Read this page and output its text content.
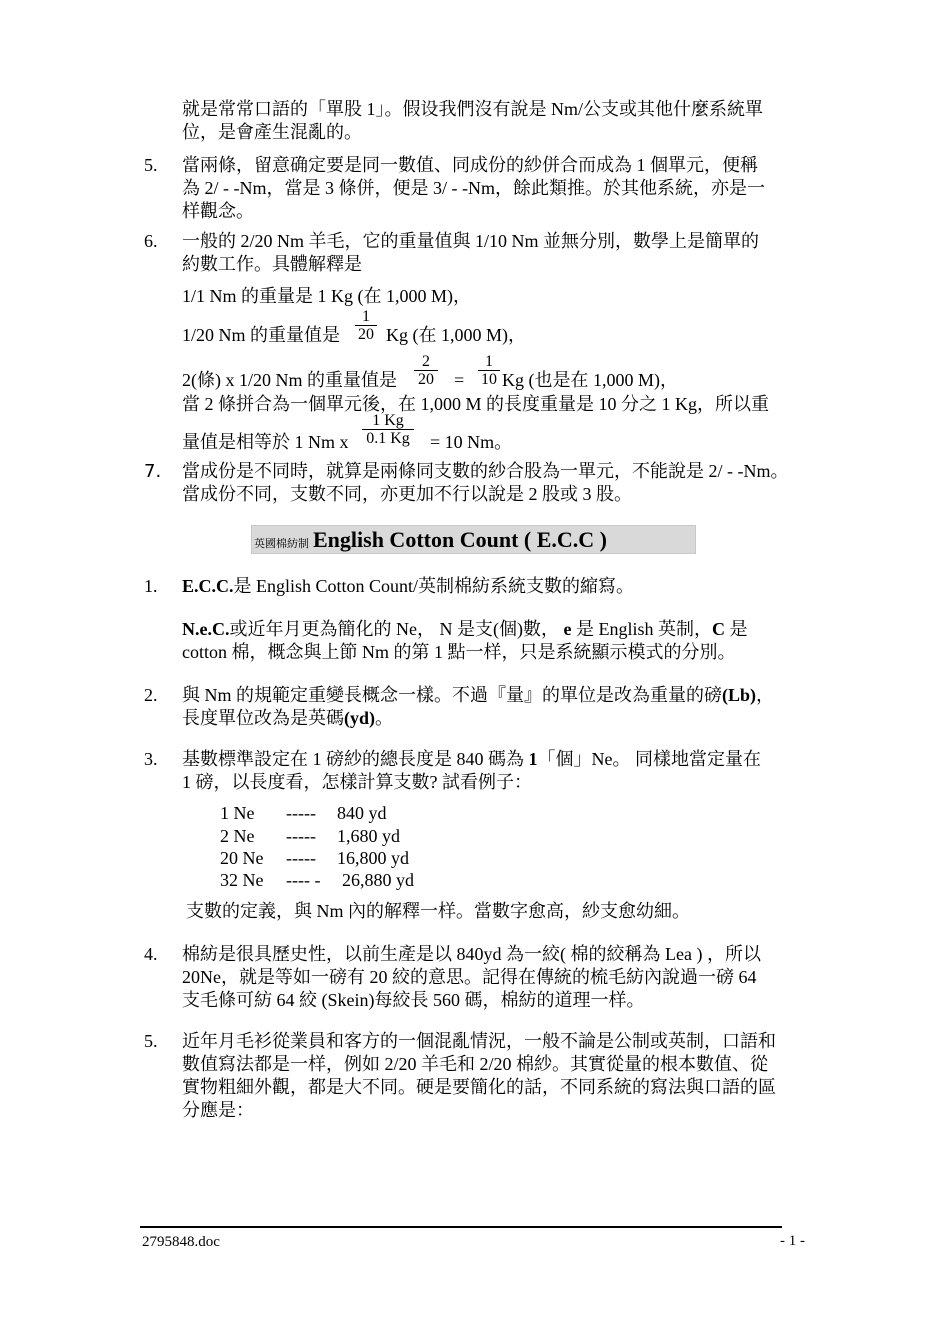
就是常常口語的「單股 1」。假设我們沒有說是 Nm/公支或其他什麼系統單
位，是會產生混亂的。
5. 當兩條，留意确定要是同一數值、同成份的紗併合而成為 1 個單元，便稱
為 2/ - -Nm，當是 3 條併，便是 3/ - -Nm，餘此類推。於其他系統，亦是一
样觀念。
6. 一般的 2/20 Nm 羊毛，它的重量值與 1/10 Nm 並無分別，數學上是簡單的
約數工作。具體解釋是
1/1 Nm 的重量是 1 Kg (在 1,000 M)，
1/20 Nm 的重量值是 $\frac{1}{20}$ Kg (在 1,000 M)，
2(條) x 1/20 Nm 的重量值是 $\frac{2}{20} = \frac{1}{10}$ Kg (也是在 1,000 M)，
當 2 條拼合為一個單元後，在 1,000 M 的長度重量是 10 分之 1 Kg，所以重
量值是相等於 1 Nm x $\frac{1 Kg}{0.1 Kg} = 10$ Nm。
7. 當成份是不同時，就算是兩條同支數的紗合股為一單元，不能說是 2/ - -Nm。
當成份不同，支數不同，亦更加不行以說是 2 股或 3 股。
英國棉紡制 English Cotton Count ( E.C.C )
1. E.C.C.是 English Cotton Count/英制棉紡系統支數的縮寫。
N.e.C.或近年月更為簡化的 Ne， N 是支(個)數， e 是 English 英制，C 是
cotton 棉，概念與上節 Nm 的第 1 點一样，只是系統顯示模式的分別。
2. 與 Nm 的規範定重變長概念一樣。不過『量』的單位是改為重量的磅(Lb)，
長度單位改為是英碼(yd)。
3. 基數標準設定在 1 磅紗的總長度是 840 碼為 1「個」Ne。 同樣地當定量在
1 磅，以長度看，怎樣計算支數? 試看例子：
1 Ne ----- 840 yd
2 Ne ----- 1,680 yd
20 Ne ----- 16,800 yd
32 Ne ---- - 26,880 yd
支數的定義，與 Nm 內的解釋一样。當數字愈高，紗支愈幼細。
4. 棉紡是很具歷史性，以前生產是以 840yd 為一絞( 棉的絞稱為 Lea ) ，所以
20Ne，就是等如一磅有 20 絞的意思。記得在傳統的梳毛紡內說過一磅 64
支毛條可紡 64 絞 (Skein)每絞長 560 碼，棉紡的道理一样。
5. 近年月毛衫從業員和客方的一個混亂情況，一般不論是公制或英制，口語和
數值寫法都是一样，例如 2/20 羊毛和 2/20 棉紗。其實從量的根本數值、從
實物粗細外觀，都是大不同。硬是要簡化的話，不同系統的寫法與口語的區
分應是：
2795848.doc	- 1 -
